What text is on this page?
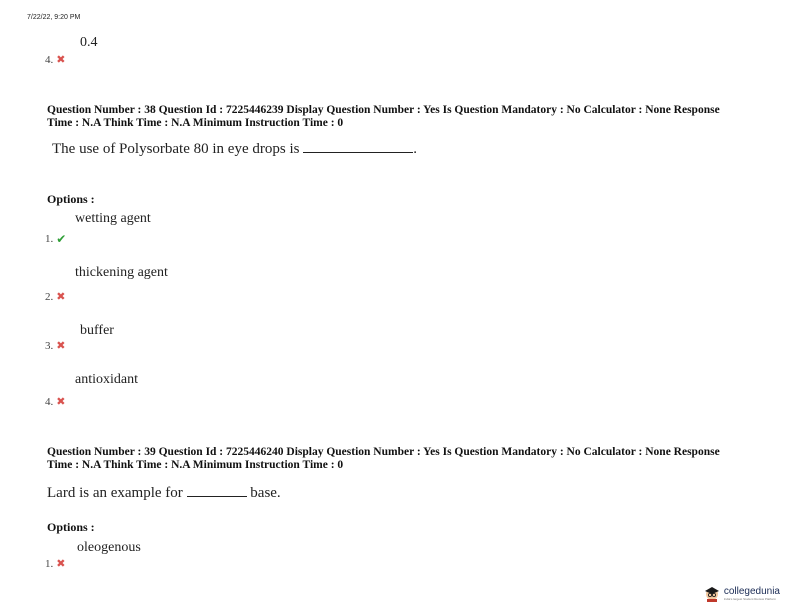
7/22/22, 9:20 PM
0.4
4. ✖
Question Number : 38 Question Id : 7225446239 Display Question Number : Yes Is Question Mandatory : No Calculator : None Response
Time : N.A Think Time : N.A Minimum Instruction Time : 0
The use of Polysorbate 80 in eye drops is	.
Options :
wetting agent
1. ✔
thickening agent
2. ✖
buffer
3. ✖
antioxidant
4. ✖
Question Number : 39 Question Id : 7225446240 Display Question Number : Yes Is Question Mandatory : No Calculator : None Response
Time : N.A Think Time : N.A Minimum Instruction Time : 0
Lard is an example for	base.
Options :
oleogenous
1. ✖
collegedunia
India's largest Student Review Platform
